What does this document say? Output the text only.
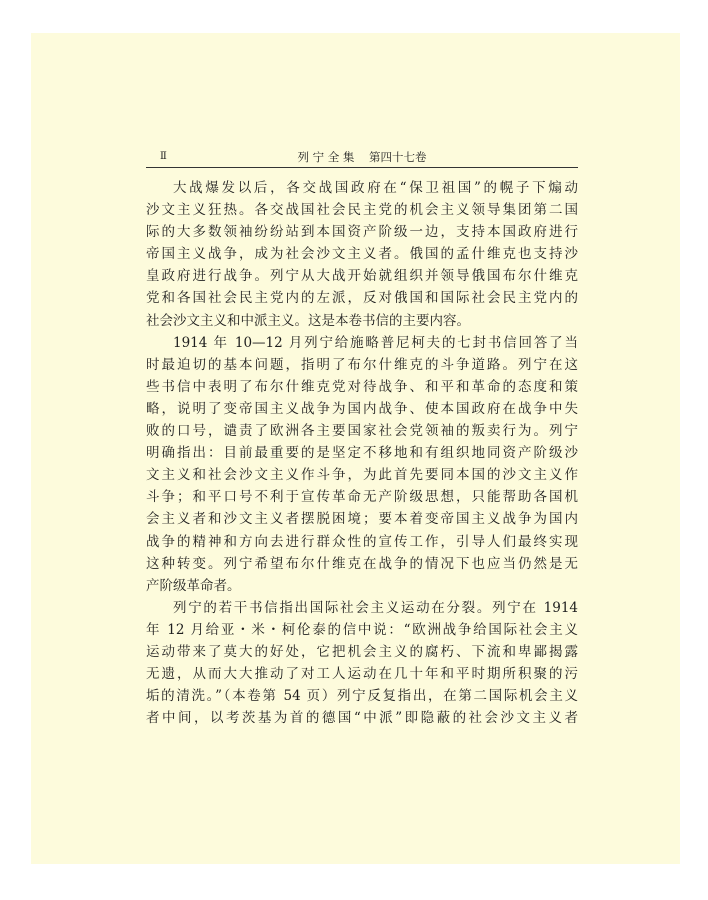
Ⅱ	列 宁 全 集    第四十七卷
大战爆发以后，各交战国政府在“保卫祖国”的幌子下煽动
沙文主义狂热。各交战国社会民主党的机会主义领导集团第二国
际的大多数领袖纷纷站到本国资产阶级一边，支持本国政府进行
帝国主义战争，成为社会沙文主义者。俄国的孟什维克也支持沙
皇政府进行战争。列宁从大战开始就组织并领导俄国布尔什维克
党和各国社会民主党内的左派，反对俄国和国际社会民主党内的
社会沙文主义和中派主义。这是本卷书信的主要内容。
1914 年 10—12 月列宁给施略普尼柯夫的七封书信回答了当
时最迫切的基本问题，指明了布尔什维克的斗争道路。列宁在这
些书信中表明了布尔什维克党对待战争、和平和革命的态度和策
略，说明了变帝国主义战争为国内战争、使本国政府在战争中失
败的口号，谴责了欧洲各主要国家社会党领袖的叛卖行为。列宁
明确指出：目前最重要的是坚定不移地和有组织地同资产阶级沙
文主义和社会沙文主义作斗争，为此首先要同本国的沙文主义作
斗争；和平口号不利于宣传革命无产阶级思想，只能帮助各国机
会主义者和沙文主义者摆脱困境；要本着变帝国主义战争为国内
战争的精神和方向去进行群众性的宣传工作，引导人们最终实现
这种转变。列宁希望布尔什维克在战争的情况下也应当仍然是无
产阶级革命者。
列宁的若干书信指出国际社会主义运动在分裂。列宁在 1914
年 12 月给亚・米・柯伦泰的信中说：“欧洲战争给国际社会主义
运动带来了莫大的好处，它把机会主义的腐朽、下流和卑鄙揭露
无遗，从而大大推动了对工人运动在几十年和平时期所积聚的污
垢的清洗。”（本卷第 54 页）列宁反复指出，在第二国际机会主义
者中间，以考茨基为首的德国“中派”即隐蔽的社会沙文主义者
